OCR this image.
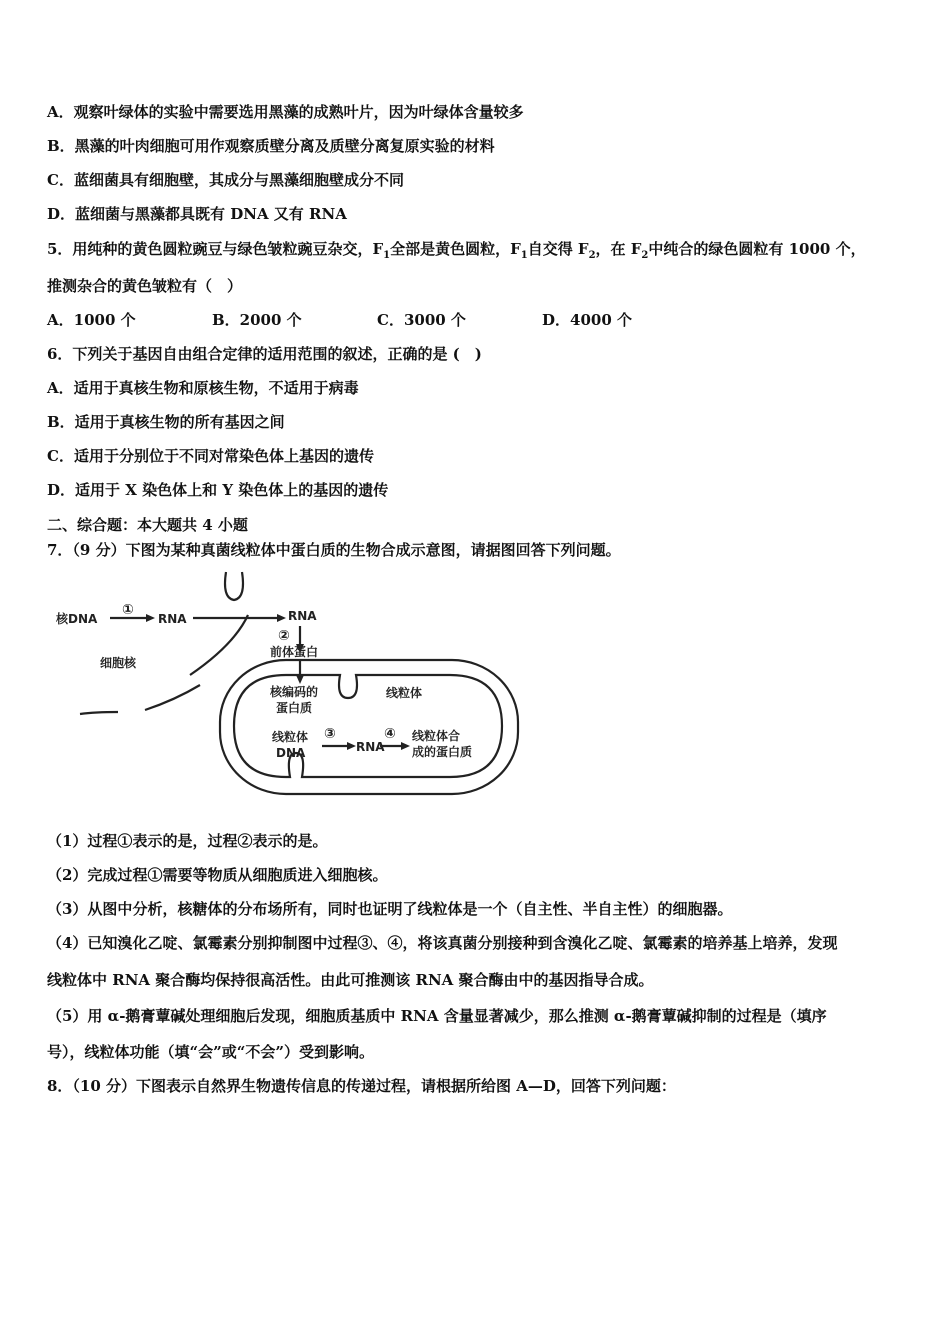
A．观察叶绿体的实验中需要选用黑藻的成熟叶片，因为叶绿体含量较多
B．黑藻的叶肉细胞可用作观察质壁分离及质壁分离复原实验的材料
C．蓝细菌具有细胞壁，其成分与黑藻细胞壁成分不同
D．蓝细菌与黑藻都具既有 DNA 又有 RNA
5．用纯种的黄色圆粒豌豆与绿色皱粒豌豆杂交，$F_1$全部是黄色圆粒，$F_1$自交得 $F_2$，在 $F_2$中纯合的绿色圆粒有 1000 个，
推测杂合的黄色皱粒有（　）
A．1000 个	B．2000 个	C．3000 个	D．4000 个
6．下列关于基因自由组合定律的适用范围的叙述，正确的是 (　)
A．适用于真核生物和原核生物，不适用于病毒
B．适用于真核生物的所有基因之间
C．适用于分别位于不同对常染色体上基因的遗传
D．适用于 X 染色体上和 Y 染色体上的基因的遗传
二、综合题：本大题共 4 小题
7．（9 分）下图为某种真菌线粒体中蛋白质的生物合成示意图，请据图回答下列问题。
核DNA
①
RNA	RNA
②
前体蛋白
细胞核
核编码的
蛋白质
线粒体
线粒体
DNA
③
RNA
④ 线粒体合
成的蛋白质
（1）过程①表示的是，过程②表示的是。
（2）完成过程①需要等物质从细胞质进入细胞核。
（3）从图中分析，核糖体的分布场所有，同时也证明了线粒体是一个（自主性、半自主性）的细胞器。
（4）已知溴化乙啶、氯霉素分别抑制图中过程③、④，将该真菌分别接种到含溴化乙啶、氯霉素的培养基上培养，发现
线粒体中 RNA 聚合酶均保持很高活性。由此可推测该 RNA 聚合酶由中的基因指导合成。
（5）用 α-鹅膏蕈碱处理细胞后发现，细胞质基质中 RNA 含量显著减少，那么推测 α-鹅膏蕈碱抑制的过程是（填序
号），线粒体功能（填“会”或“不会”）受到影响。
8．（10 分）下图表示自然界生物遗传信息的传递过程，请根据所给图 A—D，回答下列问题：
